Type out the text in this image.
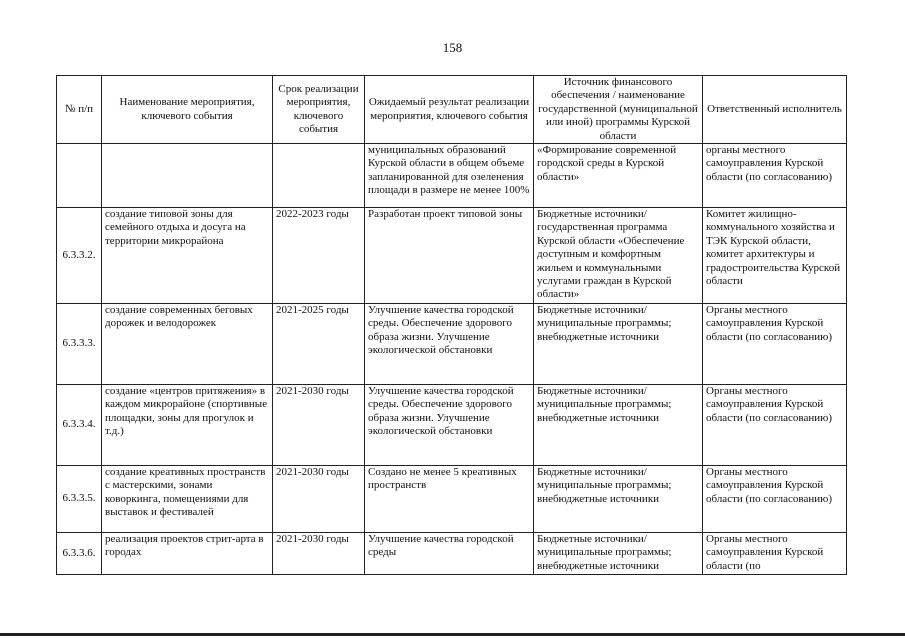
158
№ п/п	Наименование мероприятия, ключевого события	Срок реализации мероприятия, ключевого события	Ожидаемый результат реализации мероприятия, ключевого события	Источник финансового обеспечения / наименование государственной (муниципальной или иной) программы Курской области	Ответственный исполнитель
			муниципальных образований Курской области в общем объеме запланированной для озеленения площади в размере не менее 100%	«Формирование современной городской среды в Курской области»	органы местного самоуправления Курской области (по согласованию)
6.3.3.2.	создание типовой зоны для семейного отдыха и досуга на территории микрорайона	2022-2023 годы	Разработан проект типовой зоны	Бюджетные источники/ государственная программа Курской области «Обеспечение доступным и комфортным жильем и коммунальными услугами граждан в Курской области»	Комитет жилищно-коммунального хозяйства и ТЭК Курской области, комитет архитектуры и градостроительства Курской области
6.3.3.3.	создание современных беговых дорожек и велодорожек	2021-2025 годы	Улучшение качества городской среды. Обеспечение здорового образа жизни. Улучшение экологической обстановки	Бюджетные источники/ муниципальные программы; внебюджетные источники	Органы местного самоуправления Курской области (по согласованию)
6.3.3.4.	создание «центров притяжения» в каждом микрорайоне (спортивные площадки, зоны для прогулок и т.д.)	2021-2030 годы	Улучшение качества городской среды. Обеспечение здорового образа жизни. Улучшение экологической обстановки	Бюджетные источники/ муниципальные программы; внебюджетные источники	Органы местного самоуправления Курской области (по согласованию)
6.3.3.5.	создание креативных пространств с мастерскими, зонами коворкинга, помещениями для выставок и фестивалей	2021-2030 годы	Создано не менее 5 креативных пространств	Бюджетные источники/ муниципальные программы; внебюджетные источники	Органы местного самоуправления Курской области (по согласованию)
6.3.3.6.	реализация проектов стрит-арта в городах	2021-2030 годы	Улучшение качества городской среды	Бюджетные источники/ муниципальные программы; внебюджетные источники	Органы местного самоуправления Курской области (по
